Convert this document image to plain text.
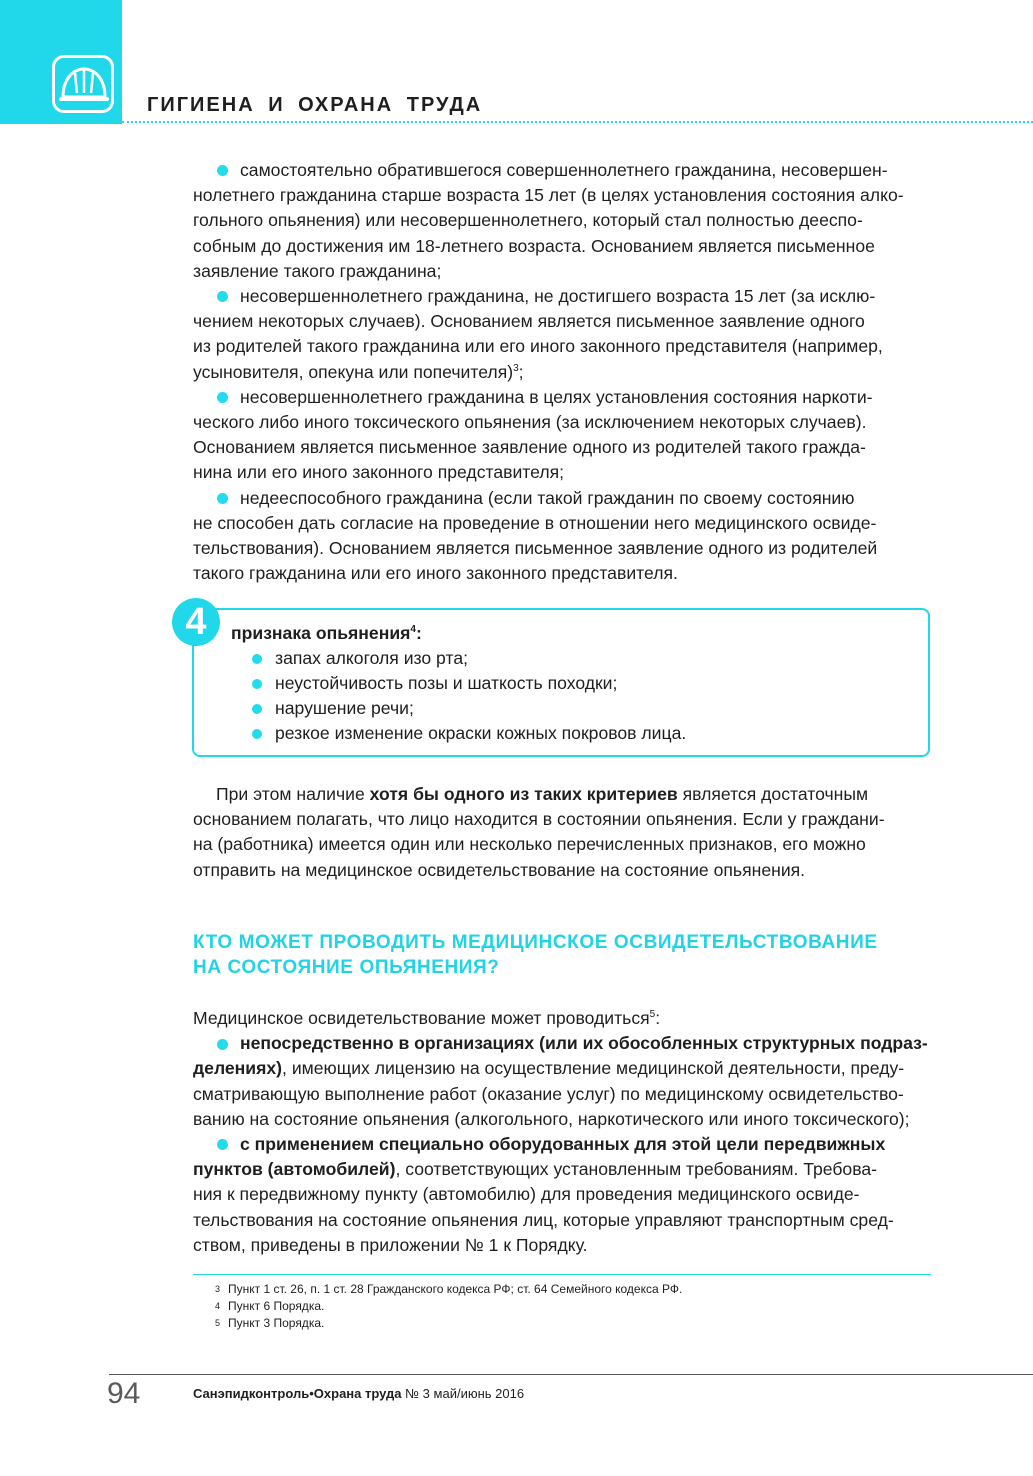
ГИГИЕНА И ОХРАНА ТРУДА
самостоятельно обратившегося совершеннолетнего гражданина, несовершен-
нолетнего гражданина старше возраста 15 лет (в целях установления состояния алко-
гольного опьянения) или несовершеннолетнего, который стал полностью дееспо-
собным до достижения им 18-летнего возраста. Основанием является письменное
заявление такого гражданина;
несовершеннолетнего гражданина, не достигшего возраста 15 лет (за исклю-
чением некоторых случаев). Основанием является письменное заявление одного
из родителей такого гражданина или его иного законного представителя (например,
усыновителя, опекуна или попечителя)$^3$;
несовершеннолетнего гражданина в целях установления состояния наркоти-
ческого либо иного токсического опьянения (за исключением некоторых случаев).
Основанием является письменное заявление одного из родителей такого гражда-
нина или его иного законного представителя;
недееспособного гражданина (если такой гражданин по своему состоянию
не способен дать согласие на проведение в отношении него медицинского освиде-
тельствования). Основанием является письменное заявление одного из родителей
такого гражданина или его иного законного представителя.
4	признака опьянения$^4$:
запах алкоголя изо рта;
неустойчивость позы и шаткость походки;
нарушение речи;
резкое изменение окраски кожных покровов лица.
При этом наличие хотя бы одного из таких критериев является достаточным
основанием полагать, что лицо находится в состоянии опьянения. Если у граждани-
на (работника) имеется один или несколько перечисленных признаков, его можно
отправить на медицинское освидетельствование на состояние опьянения.
КТО МОЖЕТ ПРОВОДИТЬ МЕДИЦИНСКОЕ ОСВИДЕТЕЛЬСТВОВАНИЕ
НА СОСТОЯНИЕ ОПЬЯНЕНИЯ?
Медицинское освидетельствование может проводиться$^5$:
непосредственно в организациях (или их обособленных структурных подраз-
делениях), имеющих лицензию на осуществление медицинской деятельности, преду-
сматривающую выполнение работ (оказание услуг) по медицинскому освидетельство-
ванию на состояние опьянения (алкогольного, наркотического или иного токсического);
с применением специально оборудованных для этой цели передвижных
пунктов (автомобилей), соответствующих установленным требованиям. Требова-
ния к передвижному пункту (автомобилю) для проведения медицинского освиде-
тельствования на состояние опьянения лиц, которые управляют транспортным сред-
ством, приведены в приложении № 1 к Порядку.
3 Пункт 1 ст. 26, п. 1 ст. 28 Гражданского кодекса РФ; ст. 64 Семейного кодекса РФ.
4 Пункт 6 Порядка.
5 Пункт 3 Порядка.
94	Санэпидконтроль•Охрана труда № 3 май/июнь 2016
